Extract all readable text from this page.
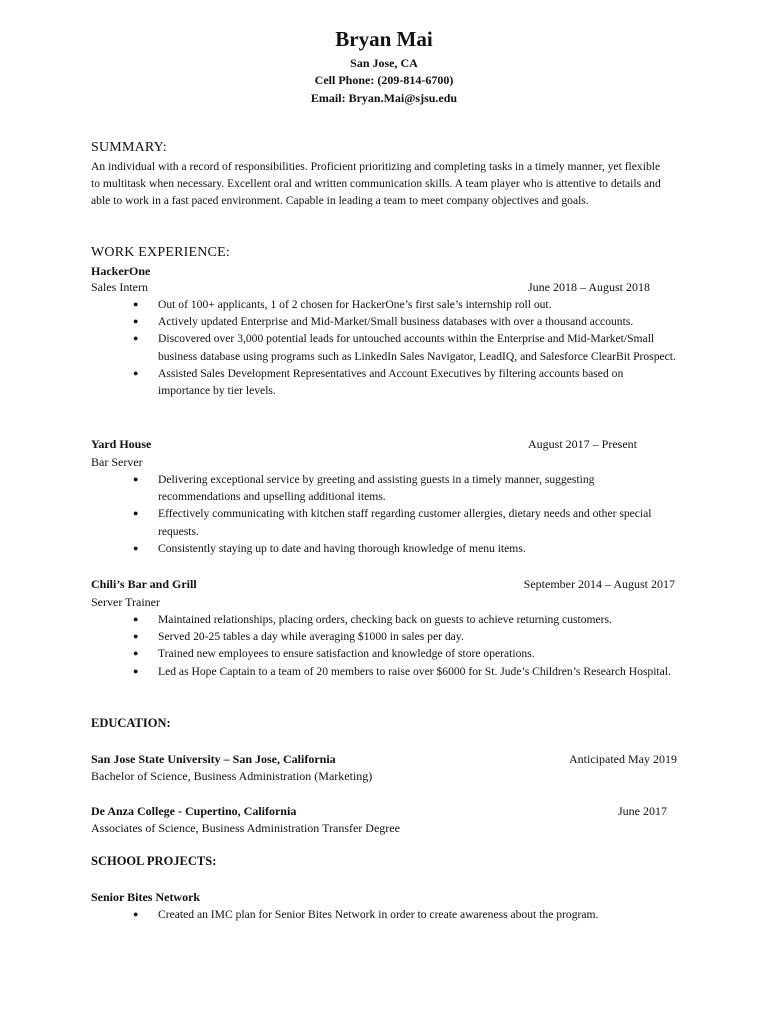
Bryan Mai
San Jose, CA
Cell Phone: (209-814-6700)
Email: Bryan.Mai@sjsu.edu
SUMMARY:
An individual with a record of responsibilities. Proficient prioritizing and completing tasks in a timely manner, yet flexible to multitask when necessary. Excellent oral and written communication skills. A team player who is attentive to details and able to work in a fast paced environment. Capable in leading a team to meet company objectives and goals.
WORK EXPERIENCE:
HackerOne
Sales Intern	June 2018 – August 2018
● Out of 100+ applicants, 1 of 2 chosen for HackerOne’s first sale’s internship roll out.
● Actively updated Enterprise and Mid-Market/Small business databases with over a thousand accounts.
● Discovered over 3,000 potential leads for untouched accounts within the Enterprise and Mid-Market/Small business database using programs such as LinkedIn Sales Navigator, LeadIQ, and Salesforce ClearBit Prospect.
● Assisted Sales Development Representatives and Account Executives by filtering accounts based on importance by tier levels.
Yard House	August 2017 – Present
Bar Server
● Delivering exceptional service by greeting and assisting guests in a timely manner, suggesting recommendations and upselling additional items.
● Effectively communicating with kitchen staff regarding customer allergies, dietary needs and other special requests.
● Consistently staying up to date and having thorough knowledge of menu items.
Chili’s Bar and Grill	September 2014 – August 2017
Server Trainer
● Maintained relationships, placing orders, checking back on guests to achieve returning customers.
● Served 20-25 tables a day while averaging $1000 in sales per day.
● Trained new employees to ensure satisfaction and knowledge of store operations.
● Led as Hope Captain to a team of 20 members to raise over $6000 for St. Jude’s Children’s Research Hospital.
EDUCATION:
San Jose State University – San Jose, California	Anticipated May 2019
Bachelor of Science, Business Administration (Marketing)
De Anza College - Cupertino, California	June 2017
Associates of Science, Business Administration Transfer Degree
SCHOOL PROJECTS:
Senior Bites Network
● Created an IMC plan for Senior Bites Network in order to create awareness about the program.
